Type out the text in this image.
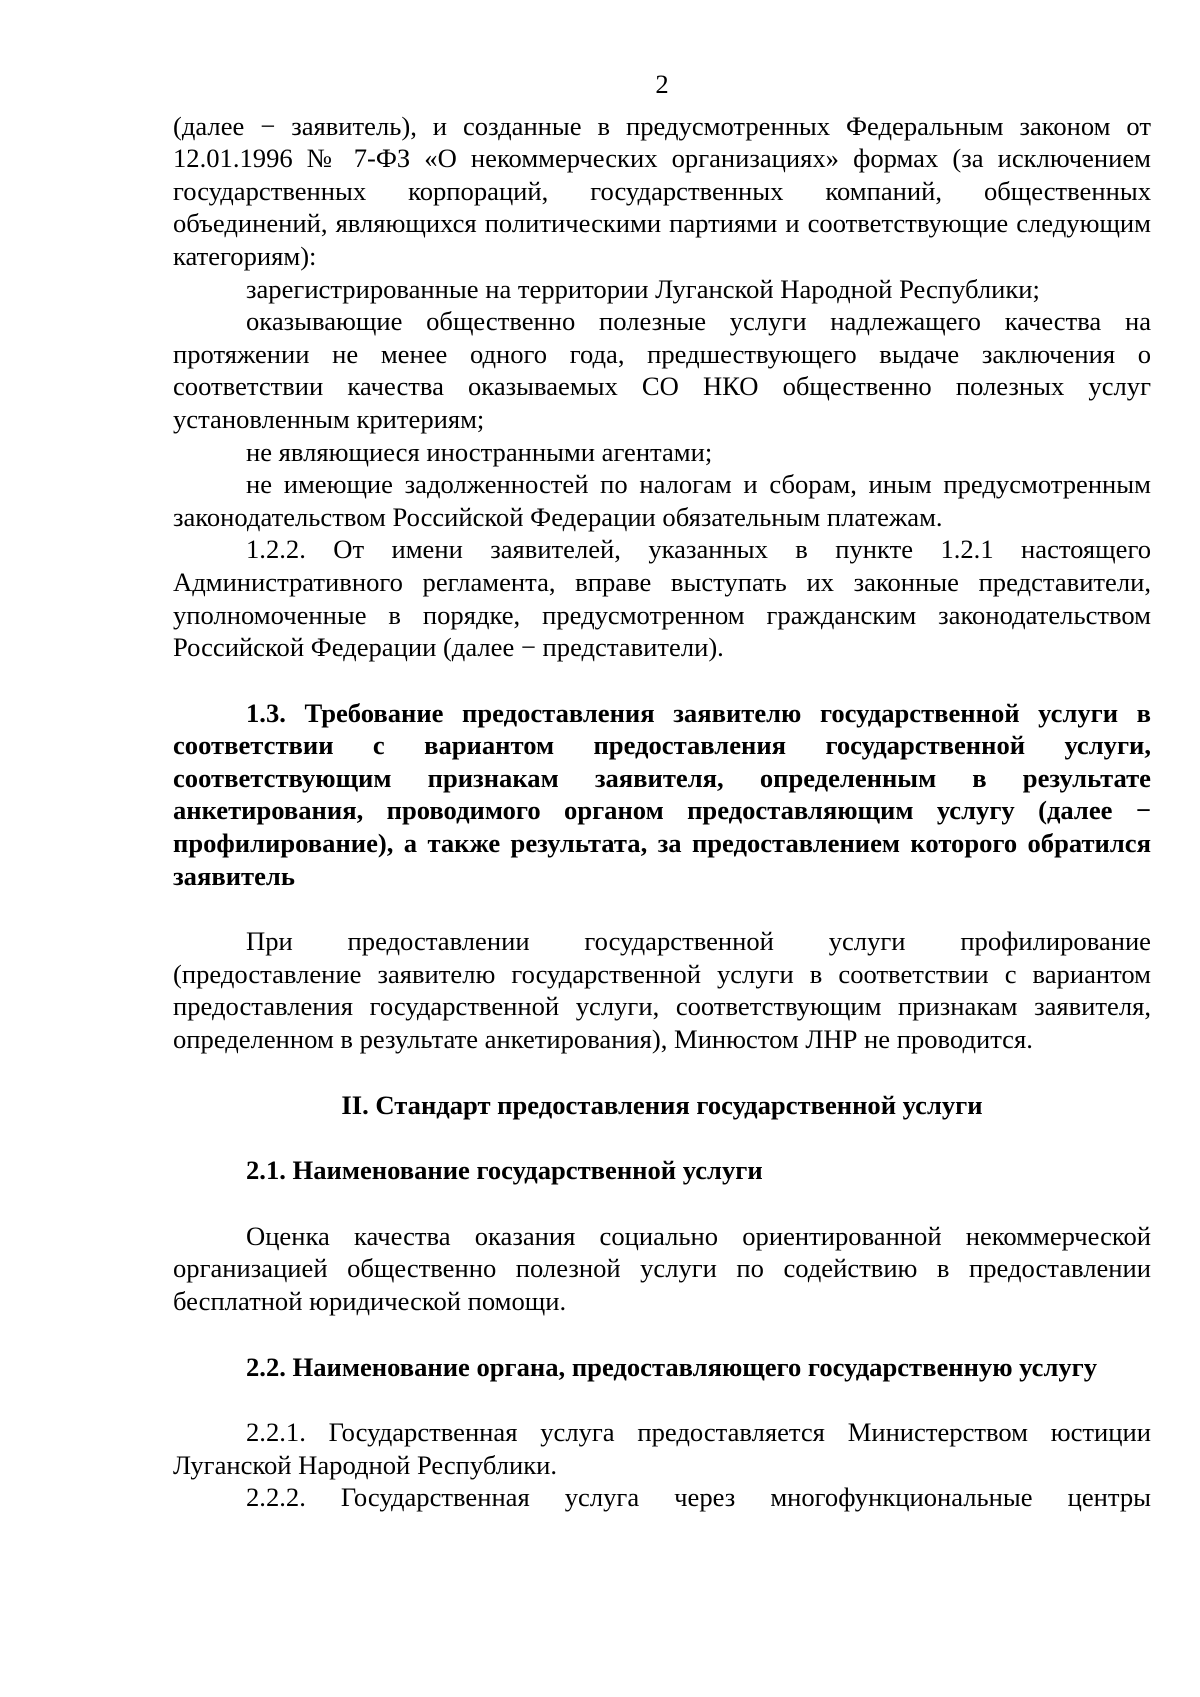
2

(далее − заявитель), и созданные в предусмотренных Федеральным законом от 12.01.1996 № 7-ФЗ «О некоммерческих организациях» формах (за исключением государственных корпораций, государственных компаний, общественных объединений, являющихся политическими партиями и соответствующие следующим категориям):

зарегистрированные на территории Луганской Народной Республики;

оказывающие общественно полезные услуги надлежащего качества на протяжении не менее одного года, предшествующего выдаче заключения о соответствии качества оказываемых СО НКО общественно полезных услуг установленным критериям;

не являющиеся иностранными агентами;

не имеющие задолженностей по налогам и сборам, иным предусмотренным законодательством Российской Федерации обязательным платежам.

1.2.2. От имени заявителей, указанных в пункте 1.2.1 настоящего Административного регламента, вправе выступать их законные представители, уполномоченные в порядке, предусмотренном гражданским законодательством Российской Федерации (далее − представители).

1.3. Требование предоставления заявителю государственной услуги в соответствии с вариантом предоставления государственной услуги, соответствующим признакам заявителя, определенным в результате анкетирования, проводимого органом предоставляющим услугу (далее − профилирование), а также результата, за предоставлением которого обратился заявитель

При предоставлении государственной услуги профилирование (предоставление заявителю государственной услуги в соответствии с вариантом предоставления государственной услуги, соответствующим признакам заявителя, определенном в результате анкетирования), Минюстом ЛНР не проводится.

II. Стандарт предоставления государственной услуги

2.1. Наименование государственной услуги

Оценка качества оказания социально ориентированной некоммерческой организацией общественно полезной услуги по содействию в предоставлении бесплатной юридической помощи.

2.2. Наименование органа, предоставляющего государственную услугу

2.2.1. Государственная услуга предоставляется Министерством юстиции Луганской Народной Республики.

2.2.2. Государственная услуга через многофункциональные центры
